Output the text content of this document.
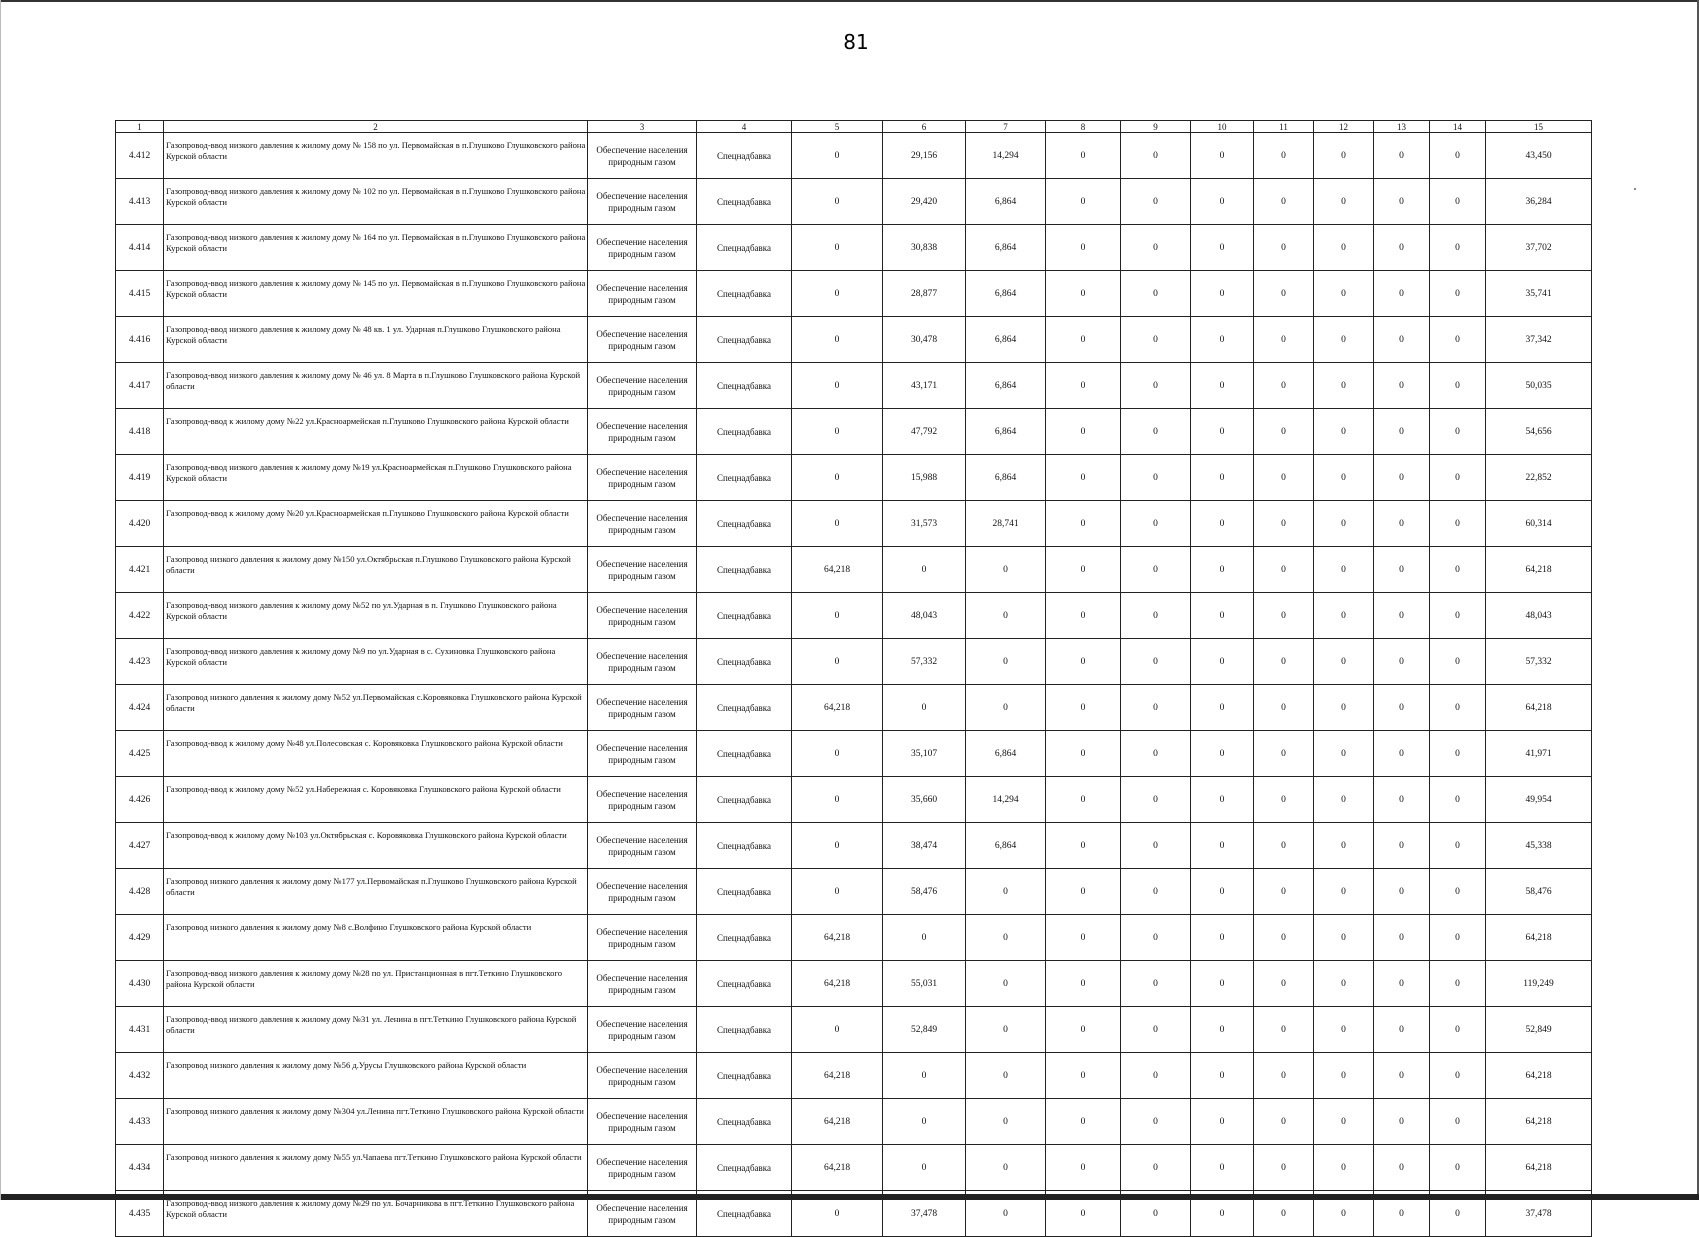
81
1	2	3	4	5	6	7	8	9	10	11	12	13	14	15
4.412	Газопровод-ввод низкого давления к жилому дому № 158 по ул. Первомайская в п.Глушково Глушковского района Курской области	Обеспечение населения природным газом	Спецнадбавка	0	29,156	14,294	0	0	0	0	0	0	0	43,450
4.413	Газопровод-ввод низкого давления к жилому дому № 102 по ул. Первомайская в п.Глушково Глушковского района Курской области	Обеспечение населения природным газом	Спецнадбавка	0	29,420	6,864	0	0	0	0	0	0	0	36,284
4.414	Газопровод-ввод низкого давления к жилому дому № 164 по ул. Первомайская в п.Глушково Глушковского района Курской области	Обеспечение населения природным газом	Спецнадбавка	0	30,838	6,864	0	0	0	0	0	0	0	37,702
4.415	Газопровод-ввод низкого давления к жилому дому № 145 по ул. Первомайская в п.Глушково Глушковского района Курской области	Обеспечение населения природным газом	Спецнадбавка	0	28,877	6,864	0	0	0	0	0	0	0	35,741
4.416	Газопровод-ввод низкого давления к жилому дому № 48 кв. 1 ул. Ударная п.Глушково Глушковского района Курской области	Обеспечение населения природным газом	Спецнадбавка	0	30,478	6,864	0	0	0	0	0	0	0	37,342
4.417	Газопровод-ввод низкого давления к жилому дому № 46 ул. 8 Марта в п.Глушково Глушковского района Курской области	Обеспечение населения природным газом	Спецнадбавка	0	43,171	6,864	0	0	0	0	0	0	0	50,035
4.418	Газопровод-ввод к жилому дому №22 ул.Красноармейская п.Глушково Глушковского района Курской области	Обеспечение населения природным газом	Спецнадбавка	0	47,792	6,864	0	0	0	0	0	0	0	54,656
4.419	Газопровод-ввод низкого давления к жилому дому №19 ул.Красноармейская п.Глушково Глушковского района Курской области	Обеспечение населения природным газом	Спецнадбавка	0	15,988	6,864	0	0	0	0	0	0	0	22,852
4.420	Газопровод-ввод к жилому дому №20 ул.Красноармейская п.Глушково Глушковского района Курской области	Обеспечение населения природным газом	Спецнадбавка	0	31,573	28,741	0	0	0	0	0	0	0	60,314
4.421	Газопровод низкого давления к жилому дому №150 ул.Октябрьская п.Глушково Глушковского района Курской области	Обеспечение населения природным газом	Спецнадбавка	64,218	0	0	0	0	0	0	0	0	0	64,218
4.422	Газопровод-ввод низкого давления к жилому дому №52 по ул.Ударная в п. Глушково Глушковского района Курской области	Обеспечение населения природным газом	Спецнадбавка	0	48,043	0	0	0	0	0	0	0	0	48,043
4.423	Газопровод-ввод низкого давления к жилому дому №9 по ул.Ударная в с. Сухиновка Глушковского района Курской области	Обеспечение населения природным газом	Спецнадбавка	0	57,332	0	0	0	0	0	0	0	0	57,332
4.424	Газопровод низкого давления к жилому дому №52 ул.Первомайская с.Коровяковка Глушковского района Курской области	Обеспечение населения природным газом	Спецнадбавка	64,218	0	0	0	0	0	0	0	0	0	64,218
4.425	Газопровод-ввод к жилому дому №48 ул.Полесовская с. Коровяковка Глушковского района Курской области	Обеспечение населения природным газом	Спецнадбавка	0	35,107	6,864	0	0	0	0	0	0	0	41,971
4.426	Газопровод-ввод к жилому дому №52 ул.Набережная с. Коровяковка Глушковского района Курской области	Обеспечение населения природным газом	Спецнадбавка	0	35,660	14,294	0	0	0	0	0	0	0	49,954
4.427	Газопровод-ввод к жилому дому №103 ул.Октябрьская с. Коровяковка Глушковского района Курской области	Обеспечение населения природным газом	Спецнадбавка	0	38,474	6,864	0	0	0	0	0	0	0	45,338
4.428	Газопровод низкого давления к жилому дому №177 ул.Первомайская п.Глушково Глушковского района Курской области	Обеспечение населения природным газом	Спецнадбавка	0	58,476	0	0	0	0	0	0	0	0	58,476
4.429	Газопровод низкого давления к жилому дому №8 с.Волфино Глушковского района Курской области	Обеспечение населения природным газом	Спецнадбавка	64,218	0	0	0	0	0	0	0	0	0	64,218
4.430	Газопровод-ввод низкого давления к жилому дому №28 по ул. Пристанционная в пгт.Теткино Глушковского района Курской области	Обеспечение населения природным газом	Спецнадбавка	64,218	55,031	0	0	0	0	0	0	0	0	119,249
4.431	Газопровод-ввод низкого давления к жилому дому №31 ул. Ленина в пгт.Теткино Глушковского района Курской области	Обеспечение населения природным газом	Спецнадбавка	0	52,849	0	0	0	0	0	0	0	0	52,849
4.432	Газопровод низкого давления к жилому дому №56 д.Урусы Глушковского района Курской области	Обеспечение населения природным газом	Спецнадбавка	64,218	0	0	0	0	0	0	0	0	0	64,218
4.433	Газопровод низкого давления к жилому дому №304 ул.Ленина пгт.Теткино Глушковского района Курской области	Обеспечение населения природным газом	Спецнадбавка	64,218	0	0	0	0	0	0	0	0	0	64,218
4.434	Газопровод низкого давления к жилому дому №55 ул.Чапаева пгт.Теткино Глушковского района Курской области	Обеспечение населения природным газом	Спецнадбавка	64,218	0	0	0	0	0	0	0	0	0	64,218
4.435	Газопровод-ввод низкого давления к жилому дому №29 по ул. Бочарникова в пгт.Теткино Глушковского района Курской области	Обеспечение населения природным газом	Спецнадбавка	0	37,478	0	0	0	0	0	0	0	0	37,478
